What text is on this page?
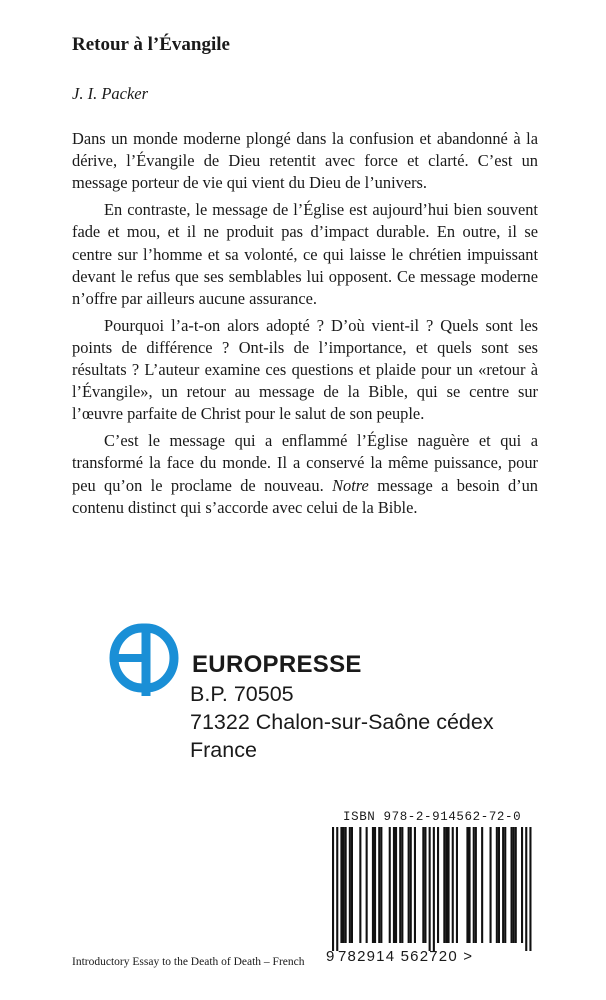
Retour à l’Évangile
J. I. Packer

Dans un monde moderne plongé dans la confusion et abandonné à la dérive, l’Évangile de Dieu retentit avec force et clarté. C’est un message porteur de vie qui vient du Dieu de l’univers.

En contraste, le message de l’Église est aujourd’hui bien souvent fade et mou, et il ne produit pas d’impact durable. En outre, il se centre sur l’homme et sa volonté, ce qui laisse le chrétien impuissant devant le refus que ses semblables lui opposent. Ce message moderne n’offre par ailleurs aucune assurance.

Pourquoi l’a-t-on alors adopté ? D’où vient-il ? Quels sont les points de différence ? Ont-ils de l’importance, et quels sont ses résultats ? L’auteur examine ces questions et plaide pour un «retour à l’Évangile», un retour au message de la Bible, qui se centre sur l’œuvre parfaite de Christ pour le salut de son peuple.

C’est le message qui a enflammé l’Église naguère et qui a transformé la face du monde. Il a conservé la même puissance, pour peu qu’on le proclame de nouveau. Notre message a besoin d’un contenu distinct qui s’accorde avec celui de la Bible.

EUROPRESSE
B.P. 70505
71322 Chalon-sur-Saône cédex
France
ISBN 978-2-914562-72-0
9 782914 562720 >
Introductory Essay to the Death of Death – French
